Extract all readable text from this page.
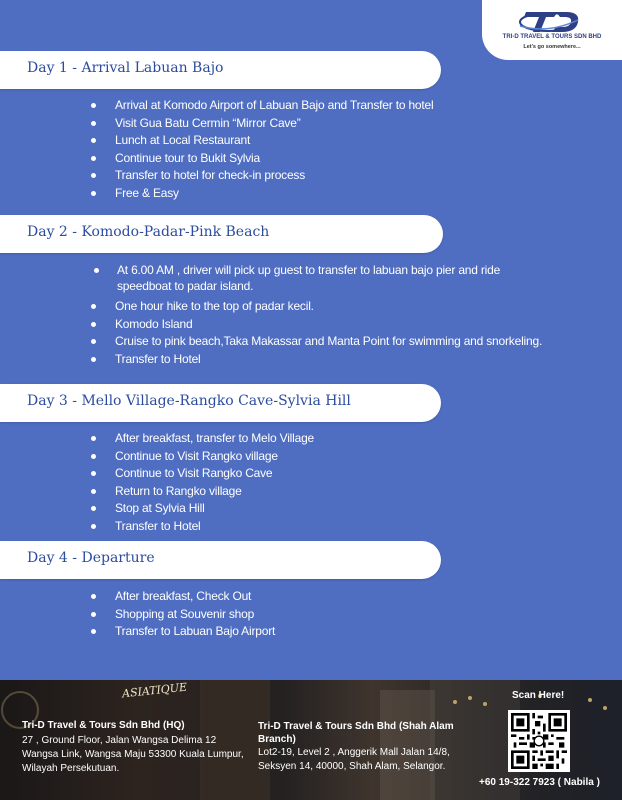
TRI-D TRAVEL & TOURS SDN BHD
Let's go somewhere...
Day 1 - Arrival Labuan Bajo
Arrival at Komodo Airport of Labuan Bajo and Transfer to hotel
Visit Gua Batu Cermin “Mirror Cave”
Lunch at Local Restaurant
Continue tour to Bukit Sylvia
Transfer to hotel for check-in process
Free & Easy
Day 2 - Komodo-Padar-Pink Beach
At 6.00 AM , driver will pick up guest to transfer to labuan bajo pier and ride speedboat to padar island.
One hour hike to the top of padar kecil.
Komodo Island
Cruise to pink beach,Taka Makassar and Manta Point for swimming and snorkeling.
Transfer to Hotel
Day 3 - Mello Village-Rangko Cave-Sylvia Hill
After breakfast, transfer to Melo Village
Continue to Visit Rangko village
Continue to Visit Rangko Cave
Return to Rangko village
Stop at Sylvia Hill
Transfer to Hotel
Day 4 - Departure
After breakfast, Check Out
Shopping at Souvenir shop
Transfer to Labuan Bajo Airport
ASIATIQUE
Tri-D Travel & Tours Sdn Bhd (HQ)
27 , Ground Floor, Jalan Wangsa Delima 12 Wangsa Link, Wangsa Maju 53300 Kuala Lumpur, Wilayah Persekutuan.
Tri-D Travel & Tours Sdn Bhd (Shah Alam Branch)
Lot2-19, Level 2 , Anggerik Mall Jalan 14/8, Seksyen 14, 40000, Shah Alam, Selangor.
Scan Here!
+60 19-322 7923 ( Nabila )
